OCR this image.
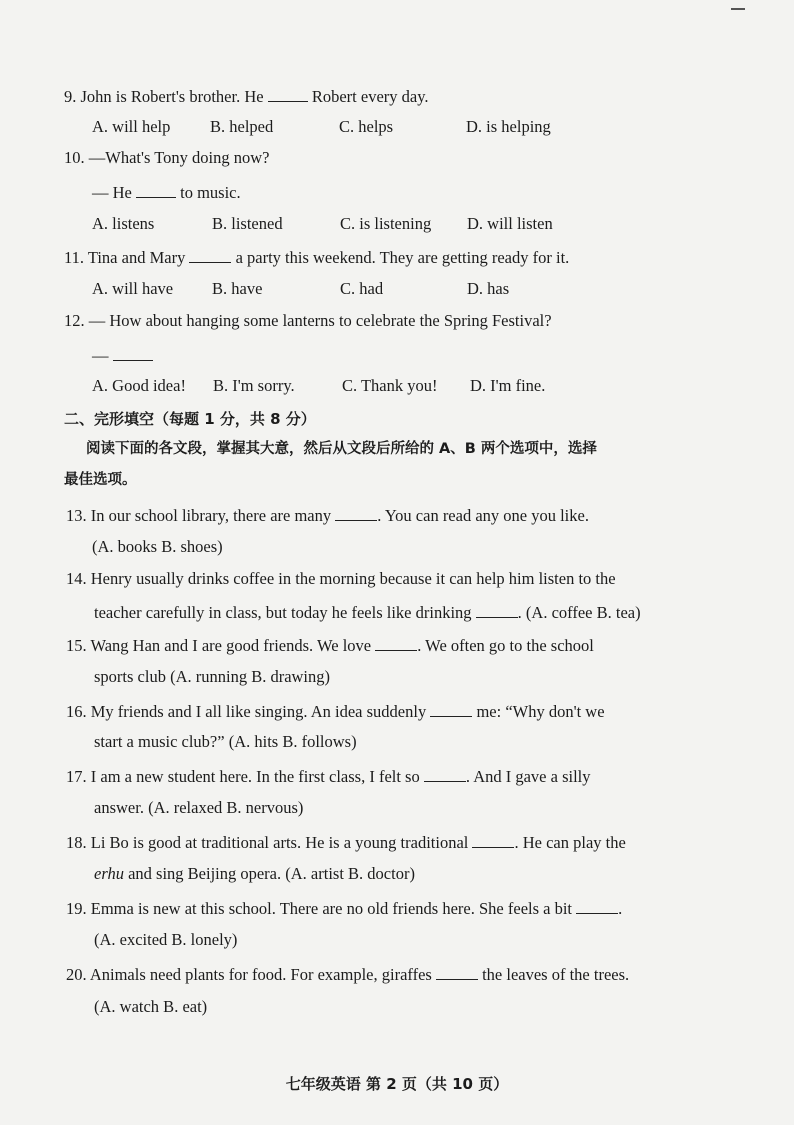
9. John is Robert's brother. He	Robert every day.
A. will help B. helped	C. helps	D. is helping
10. —What's Tony doing now?
— He	to music.
A. listens	B. listened	C. is listening D. will listen
11. Tina and Mary	a party this weekend. They are getting ready for it.
A. will have B. have	C. had	D. has
12. — How about hanging some lanterns to celebrate the Spring Festival?
—
A. Good idea! B. I'm sorry.	C. Thank you! D. I'm fine.
二、完形填空（每题 1 分，共 8 分）
阅读下面的各文段，掌握其大意，然后从文段后所给的 A、B 两个选项中，选择
最佳选项。
13. In our school library, there are many	. You can read any one you like.
(A. books B. shoes)
14. Henry usually drinks coffee in the morning because it can help him listen to the
teacher carefully in class, but today he feels like drinking	. (A. coffee B. tea)
15. Wang Han and I are good friends. We love	. We often go to the school
sports club (A. running B. drawing)
16. My friends and I all like singing. An idea suddenly	me: “Why don't we
start a music club?” (A. hits B. follows)
17. I am a new student here. In the first class, I felt so	. And I gave a silly
answer. (A. relaxed B. nervous)
18. Li Bo is good at traditional arts. He is a young traditional	. He can play the
erhu and sing Beijing opera. (A. artist B. doctor)
19. Emma is new at this school. There are no old friends here. She feels a bit	.
(A. excited B. lonely)
20. Animals need plants for food. For example, giraffes	the leaves of the trees.
(A. watch B. eat)
七年级英语 第 2 页（共 10 页）
